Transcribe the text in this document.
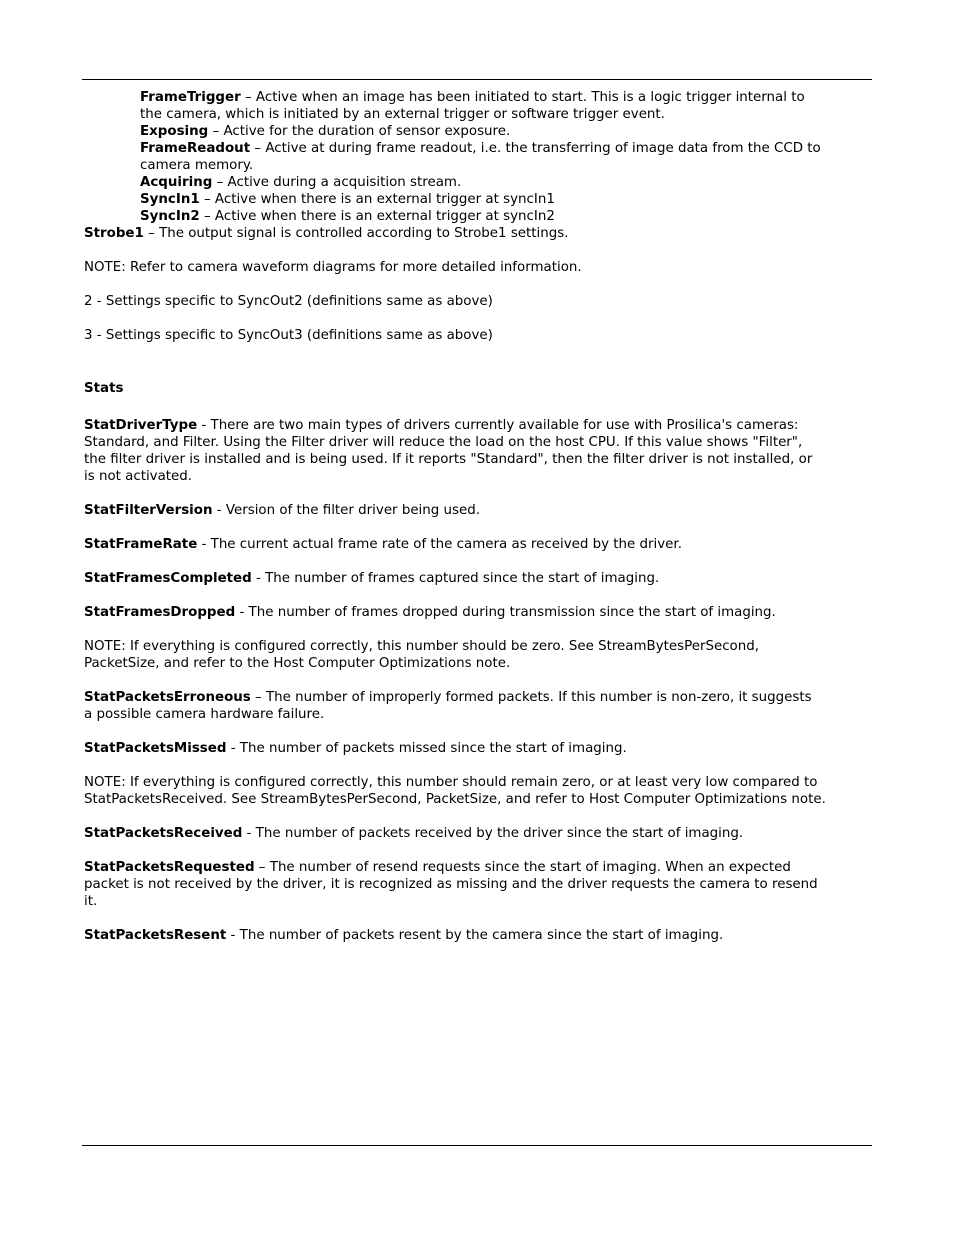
FrameTrigger – Active when an image has been initiated to start. This is a logic trigger internal to

the camera, which is initiated by an external trigger or software trigger event.

Exposing – Active for the duration of sensor exposure.

FrameReadout – Active at during frame readout, i.e. the transferring of image data from the CCD to

camera memory.

Acquiring – Active during a acquisition stream.

SyncIn1 – Active when there is an external trigger at syncIn1

SyncIn2 – Active when there is an external trigger at syncIn2

Strobe1 – The output signal is controlled according to Strobe1 settings.

NOTE: Refer to camera waveform diagrams for more detailed information.

2 - Settings specific to SyncOut2 (definitions same as above)

3 - Settings specific to SyncOut3 (definitions same as above)

Stats

StatDriverType - There are two main types of drivers currently available for use with Prosilica's cameras:

Standard, and Filter. Using the Filter driver will reduce the load on the host CPU. If this value shows "Filter",

the filter driver is installed and is being used. If it reports "Standard", then the filter driver is not installed, or

is not activated.

StatFilterVersion - Version of the filter driver being used.

StatFrameRate - The current actual frame rate of the camera as received by the driver.

StatFramesCompleted - The number of frames captured since the start of imaging.

StatFramesDropped - The number of frames dropped during transmission since the start of imaging.

NOTE: If everything is configured correctly, this number should be zero. See StreamBytesPerSecond,

PacketSize, and refer to the Host Computer Optimizations note.

StatPacketsErroneous – The number of improperly formed packets. If this number is non-zero, it suggests

a possible camera hardware failure.

StatPacketsMissed - The number of packets missed since the start of imaging.

NOTE: If everything is configured correctly, this number should remain zero, or at least very low compared to

StatPacketsReceived. See StreamBytesPerSecond, PacketSize, and refer to Host Computer Optimizations note.

StatPacketsReceived - The number of packets received by the driver since the start of imaging.

StatPacketsRequested – The number of resend requests since the start of imaging. When an expected

packet is not received by the driver, it is recognized as missing and the driver requests the camera to resend

it.

StatPacketsResent - The number of packets resent by the camera since the start of imaging.
